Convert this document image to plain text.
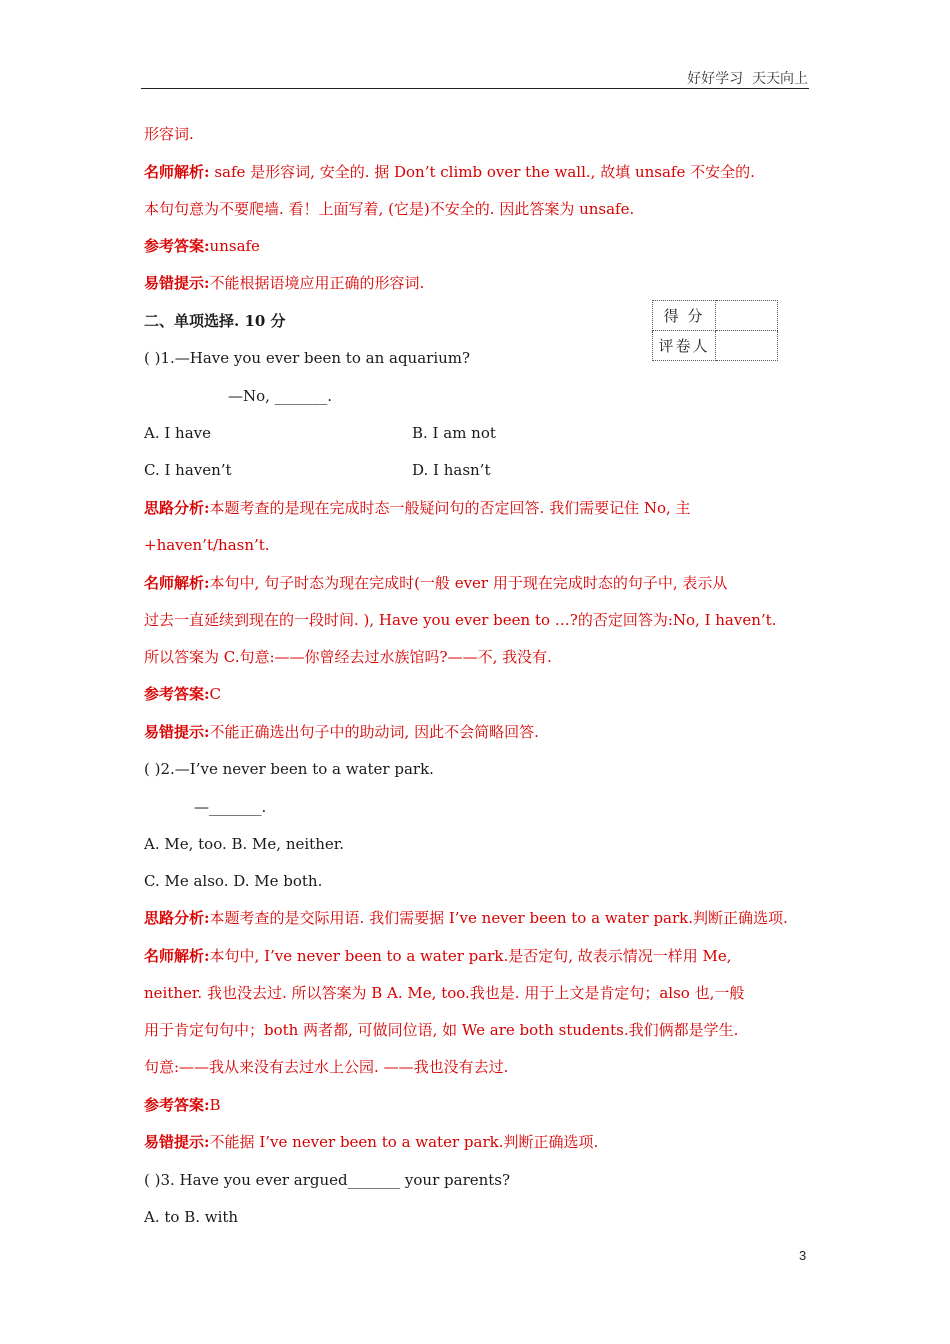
好好学习  天天向上
形容词.
名师解析: safe 是形容词, 安全的. 据 Don’t climb over the wall., 故填 unsafe 不安全的.
本句句意为不要爬墙. 看！上面写着, (它是)不安全的. 因此答案为 unsafe.
参考答案:unsafe
易错提示:不能根据语境应用正确的形容词.
二、单项选择. 10 分	得 分	
评卷人	
( )1.—Have you ever been to an aquarium?
—No, _______.
A. I have	B. I am not
C. I haven’t	D. I hasn’t
思路分析:本题考查的是现在完成时态一般疑问句的否定回答. 我们需要记住 No, 主
+haven’t/hasn’t.
名师解析:本句中, 句子时态为现在完成时(一般 ever 用于现在完成时态的句子中, 表示从
过去一直延续到现在的一段时间. ), Have you ever been to …?的否定回答为:No, I haven’t.
所以答案为 C.句意:——你曾经去过水族馆吗?——不, 我没有.
参考答案:C
易错提示:不能正确选出句子中的助动词, 因此不会简略回答.
( )2.—I’ve never been to a water park.
—_______.
A. Me, too. B. Me, neither.
C. Me also. D. Me both.
思路分析:本题考查的是交际用语. 我们需要据 I’ve never been to a water park.判断正确选项.
名师解析:本句中, I’ve never been to a water park.是否定句, 故表示情况一样用 Me,
neither. 我也没去过. 所以答案为 B A. Me, too.我也是. 用于上文是肯定句；also 也,一般
用于肯定句句中；both 两者都, 可做同位语, 如 We are both students.我们俩都是学生.
句意:——我从来没有去过水上公园. ——我也没有去过.
参考答案:B
易错提示:不能据 I’ve never been to a water park.判断正确选项.
( )3. Have you ever argued_______ your parents?
A. to B. with
3
